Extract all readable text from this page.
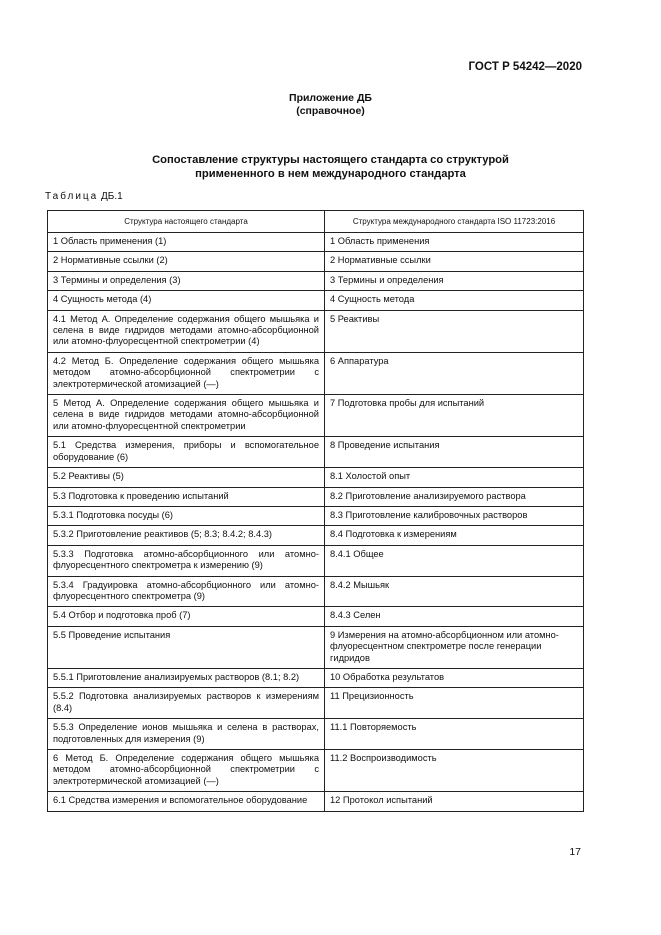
ГОСТ Р 54242—2020
Приложение ДБ
(справочное)
Сопоставление структуры настоящего стандарта со структурой
примененного в нем международного стандарта
Таблица ДБ.1
Структура настоящего стандарта	Структура международного стандарта ISO 11723:2016
1 Область применения (1)	1 Область применения
2 Нормативные ссылки (2)	2 Нормативные ссылки
3 Термины и определения (3)	3 Термины и определения
4 Сущность метода (4)	4 Сущность метода
4.1 Метод А. Определение содержания общего мышьяка и селена в виде гидридов методами атомно-абсорбционной или атомно-флуоресцентной спектрометрии (4)	5 Реактивы
4.2 Метод Б. Определение содержания общего мышьяка методом атомно-абсорбционной спектрометрии с электротермической атомизацией (—)	6 Аппаратура
5 Метод А. Определение содержания общего мышьяка и селена в виде гидридов методами атомно-абсорбционной или атомно-флуоресцентной спектрометрии	7 Подготовка пробы для испытаний
5.1 Средства измерения, приборы и вспомогательное оборудование (6)	8 Проведение испытания
5.2 Реактивы (5)	8.1 Холостой опыт
5.3 Подготовка к проведению испытаний	8.2 Приготовление анализируемого раствора
5.3.1 Подготовка посуды (6)	8.3 Приготовление калибровочных растворов
5.3.2 Приготовление реактивов (5; 8.3; 8.4.2; 8.4.3)	8.4 Подготовка к измерениям
5.3.3 Подготовка атомно-абсорбционного или атомно-флуоресцентного спектрометра к измерению (9)	8.4.1 Общее
5.3.4 Градуировка атомно-абсорбционного или атомно-флуоресцентного спектрометра (9)	8.4.2 Мышьяк
5.4 Отбор и подготовка проб (7)	8.4.3 Селен
5.5 Проведение испытания	9 Измерения на атомно-абсорбционном или атомно-флуоресцентном спектрометре после генерации гидридов
5.5.1 Приготовление анализируемых растворов (8.1; 8.2)	10 Обработка результатов
5.5.2 Подготовка анализируемых растворов к измерениям (8.4)	11 Прецизионность
5.5.3 Определение ионов мышьяка и селена в растворах, подготовленных для измерения (9)	11.1 Повторяемость
6 Метод Б. Определение содержания общего мышьяка методом атомно-абсорбционной спектрометрии с электротермической атомизацией (—)	11.2 Воспроизводимость
6.1 Средства измерения и вспомогательное оборудование	12 Протокол испытаний
17
